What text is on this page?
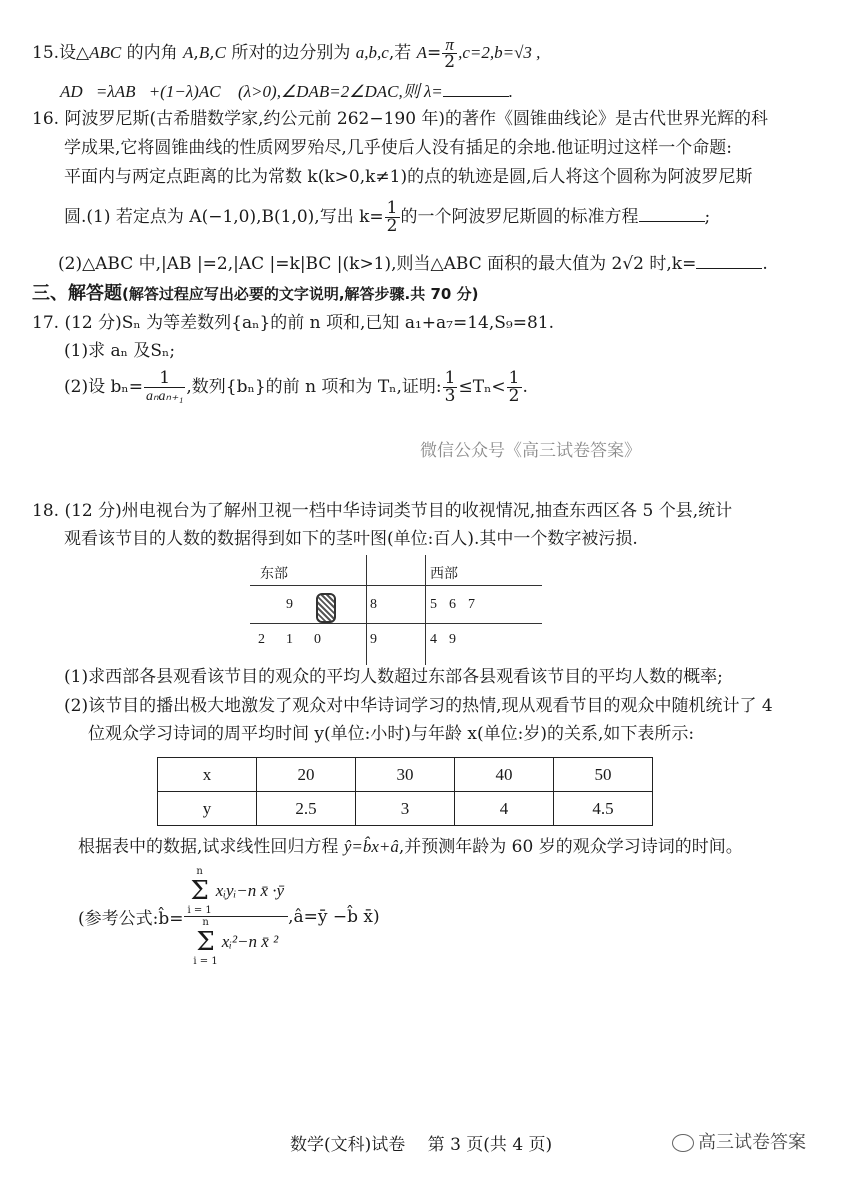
15.设△ABC 的内角 A,B,C 所对的边分别为 a,b,c,若 $A= \frac{\pi}{2} ,c=2,b=√3$ ,
AD⃗=λAB⃗+(1−λ)AC⃗ (λ>0),∠DAB=2∠DAC,则 λ=	.
16. 阿波罗尼斯(古希腊数学家,约公元前 262−190 年)的著作《圆锥曲线论》是古代世界光辉的科
学成果,它将圆锥曲线的性质网罗殆尽,几乎使后人没有插足的余地.他证明过这样一个命题:
平面内与两定点距离的比为常数 k(k>0,k≠1)的点的轨迹是圆,后人将这个圆称为阿波罗尼斯
圆.(1) 若定点为 A(−1,0),B(1,0),写出 $k= \frac{1}{2}$ 的一个阿波罗尼斯圆的标准方程	;
(2)△ABC 中,|AB |=2,|AC |=k|BC |(k>1),则当△ABC 面积的最大值为 2√2 时,k=	.
三、解答题(解答过程应写出必要的文字说明,解答步骤.共 70 分)
17. (12 分)Sₙ 为等差数列{aₙ}的前 n 项和,已知 a₁+a₇=14,S₉=81.
(1)求 aₙ 及Sₙ;
(2)设 $b_n= \frac{1}{\text{aₙaₙ₊₁}}$ ,数列{bₙ}的前 n 项和为 Tₙ,证明: $\frac{1}{3} \le T_n< \frac{1}{2}$ .
微信公众号《高三试卷答案》
18. (12 分)州电视台为了解州卫视一档中华诗词类节目的收视情况,抽查东西区各 5 个县,统计
观看该节目的人数的数据得到如下的茎叶图(单位:百人).其中一个数字被污损.
东部	西部
9	8	5 6 7
2 1 0	9	4 9
(1)求西部各县观看该节目的观众的平均人数超过东部各县观看该节目的平均人数的概率;
(2)该节目的播出极大地激发了观众对中华诗词学习的热情,现从观看节目的观众中随机统计了 4
位观众学习诗词的周平均时间 y(单位:小时)与年龄 x(单位:岁)的关系,如下表所示:
x	20	30	40	50
y	2.5	3	4	4.5
根据表中的数据,试求线性回归方程 ŷ=b̂x+â,并预测年龄为 60 岁的观众学习诗词的时间。
(参考公式:b̂=
n
Σ
i = 1
xᵢyᵢ−n x̄ ·ȳ
n
Σ
i = 1
xᵢ²−n x̄ ²
,â=ȳ −b̂ x̄)
数学(文科)试卷　 第 3 页(共 4 页)	高三试卷答案
